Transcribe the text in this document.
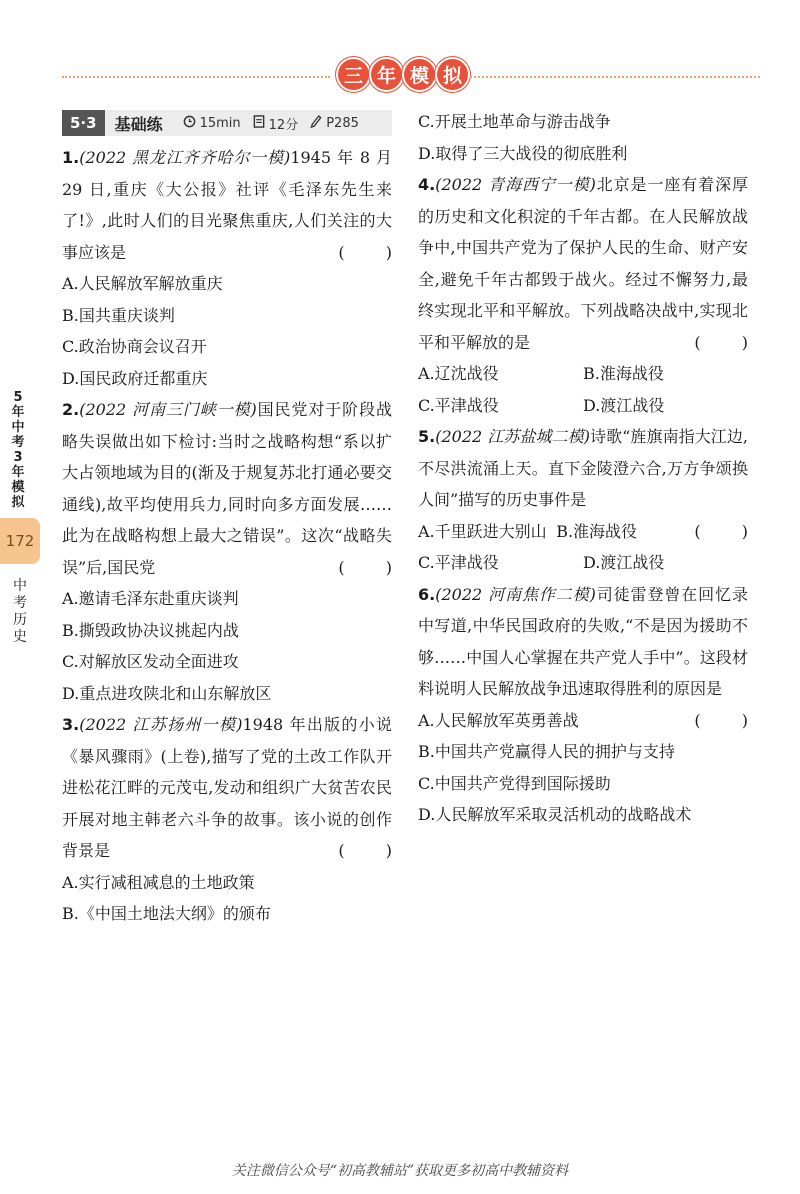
三 年 模 拟
5
年
中
考
3
年
模
拟
172
中
考
历
史
5·3	基础练	15min 12分 P285
1.(2022 黑龙江齐齐哈尔一模)1945 年 8 月 29 日,重庆《大公报》社评《毛泽东先生来了!》,此时人们的目光聚焦重庆,人们关注的大事应该是	( )
A.人民解放军解放重庆
B.国共重庆谈判
C.政治协商会议召开
D.国民政府迁都重庆
2.(2022 河南三门峡一模)国民党对于阶段战略失误做出如下检讨:当时之战略构想“系以扩大占领地域为目的(渐及于规复苏北打通必要交通线),故平均使用兵力,同时向多方面发展……此为在战略构想上最大之错误”。这次“战略失误”后,国民党	( )
A.邀请毛泽东赴重庆谈判
B.撕毁政协决议挑起内战
C.对解放区发动全面进攻
D.重点进攻陕北和山东解放区
3.(2022 江苏扬州一模)1948 年出版的小说《暴风骤雨》(上卷),描写了党的土改工作队开进松花江畔的元茂屯,发动和组织广大贫苦农民开展对地主韩老六斗争的故事。该小说的创作背景是	( )
A.实行减租减息的土地政策
B.《中国土地法大纲》的颁布
C.开展土地革命与游击战争
D.取得了三大战役的彻底胜利
4.(2022 青海西宁一模)北京是一座有着深厚的历史和文化积淀的千年古都。在人民解放战争中,中国共产党为了保护人民的生命、财产安全,避免千年古都毁于战火。经过不懈努力,最终实现北平和平解放。下列战略决战中,实现北平和平解放的是	( )
A.辽沈战役	B.淮海战役
C.平津战役	D.渡江战役
5.(2022 江苏盐城二模)诗歌“旌旗南指大江边,不尽洪流涌上天。直下金陵澄六合,万方争颂换人间”描写的历史事件是
( )
A.千里跃进大别山 B.淮海战役
C.平津战役	D.渡江战役
6.(2022 河南焦作二模)司徒雷登曾在回忆录中写道,中华民国政府的失败,“不是因为援助不够……中国人心掌握在共产党人手中”。这段材料说明人民解放战争迅速取得胜利的原因是
( )
A.人民解放军英勇善战
B.中国共产党赢得人民的拥护与支持
C.中国共产党得到国际援助
D.人民解放军采取灵活机动的战略战术
关注微信公众号“初高教辅站”获取更多初高中教辅资料
